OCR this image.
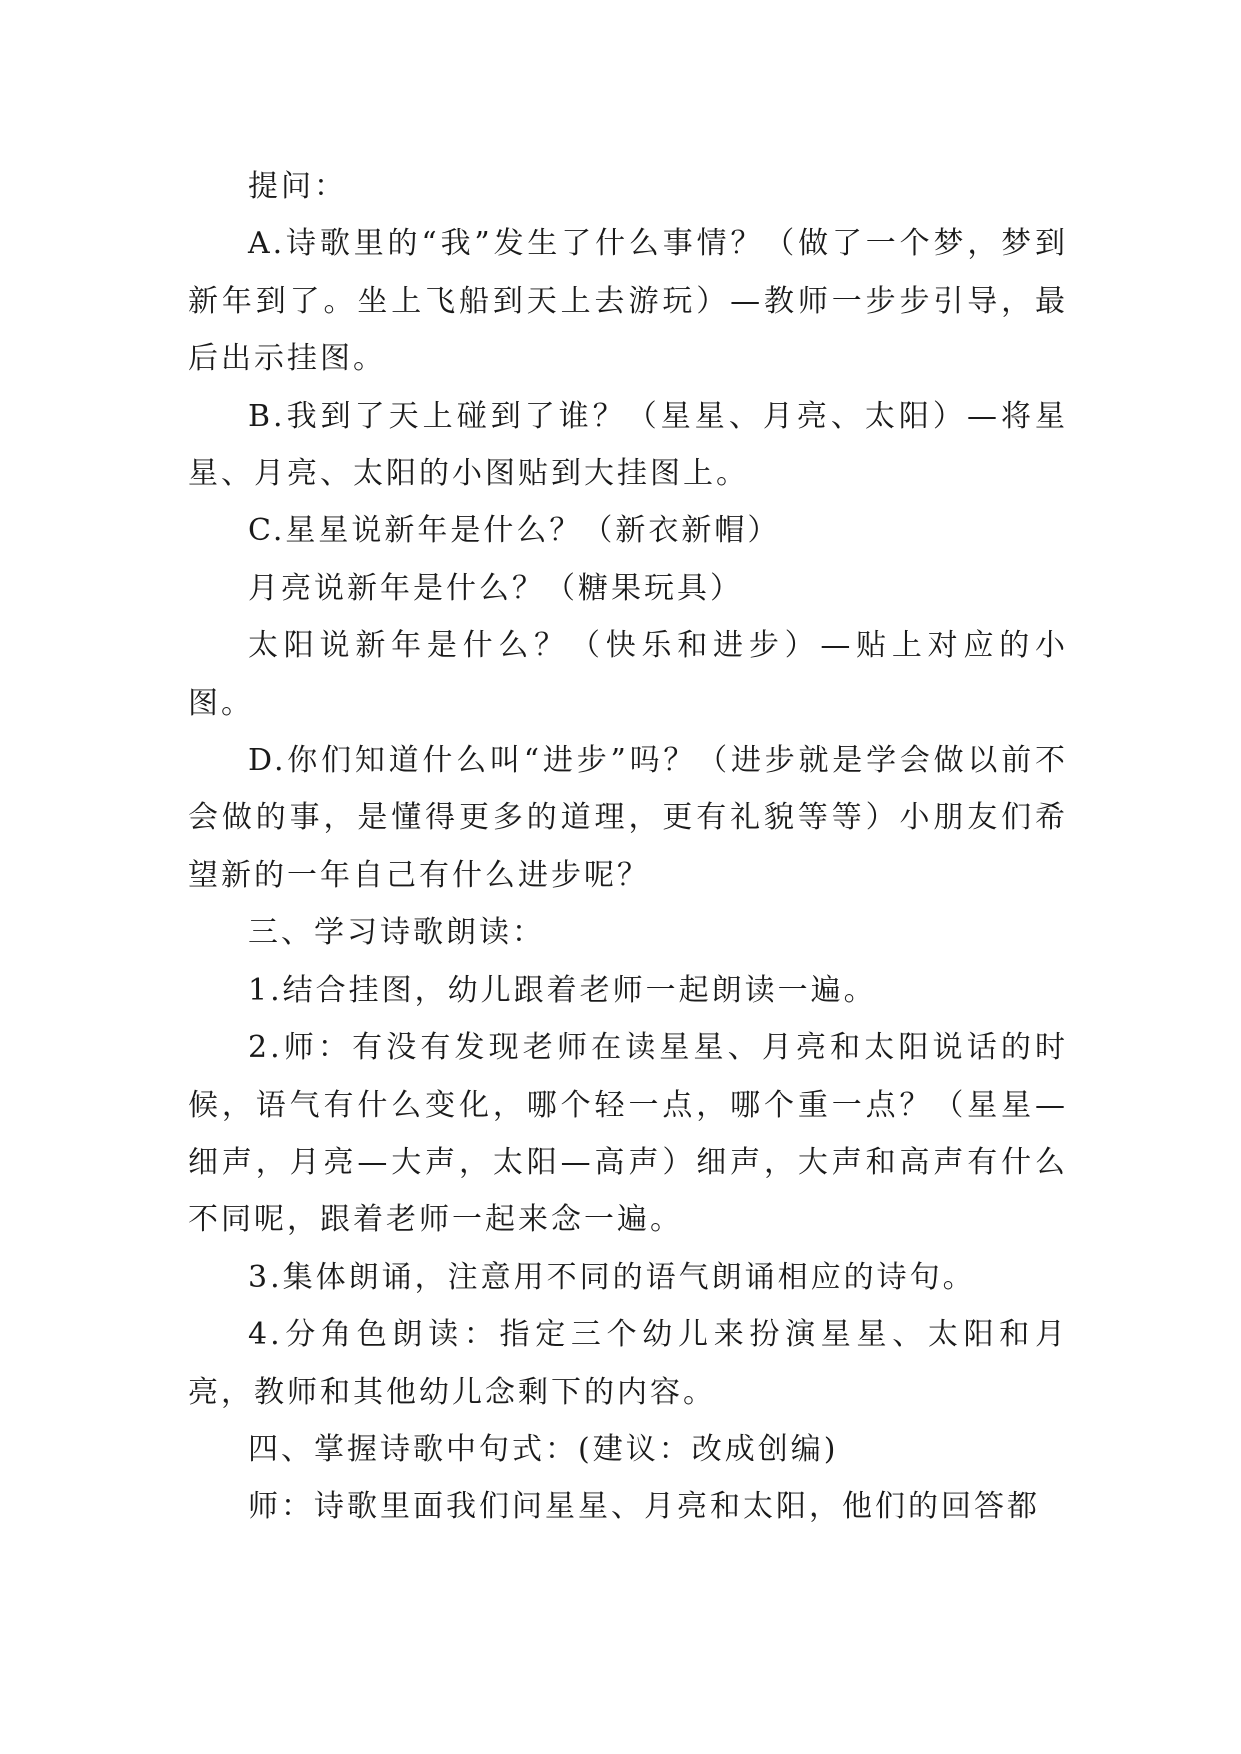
提问：

A.诗歌里的“我”发生了什么事情？（做了一个梦，梦到新年到了。坐上飞船到天上去游玩）—教师一步步引导，最后出示挂图。

B.我到了天上碰到了谁？（星星、月亮、太阳）—将星星、月亮、太阳的小图贴到大挂图上。

C.星星说新年是什么？（新衣新帽）

月亮说新年是什么？（糖果玩具）

太阳说新年是什么？（快乐和进步）—贴上对应的小图。

D.你们知道什么叫“进步”吗？（进步就是学会做以前不会做的事，是懂得更多的道理，更有礼貌等等）小朋友们希望新的一年自己有什么进步呢？

三、学习诗歌朗读：

1.结合挂图，幼儿跟着老师一起朗读一遍。

2.师：有没有发现老师在读星星、月亮和太阳说话的时候，语气有什么变化，哪个轻一点，哪个重一点？（星星—细声，月亮—大声，太阳—高声）细声，大声和高声有什么不同呢，跟着老师一起来念一遍。

3.集体朗诵，注意用不同的语气朗诵相应的诗句。

4.分角色朗读：指定三个幼儿来扮演星星、太阳和月亮，教师和其他幼儿念剩下的内容。

四、掌握诗歌中句式：(建议：改成创编)

师：诗歌里面我们问星星、月亮和太阳，他们的回答都
